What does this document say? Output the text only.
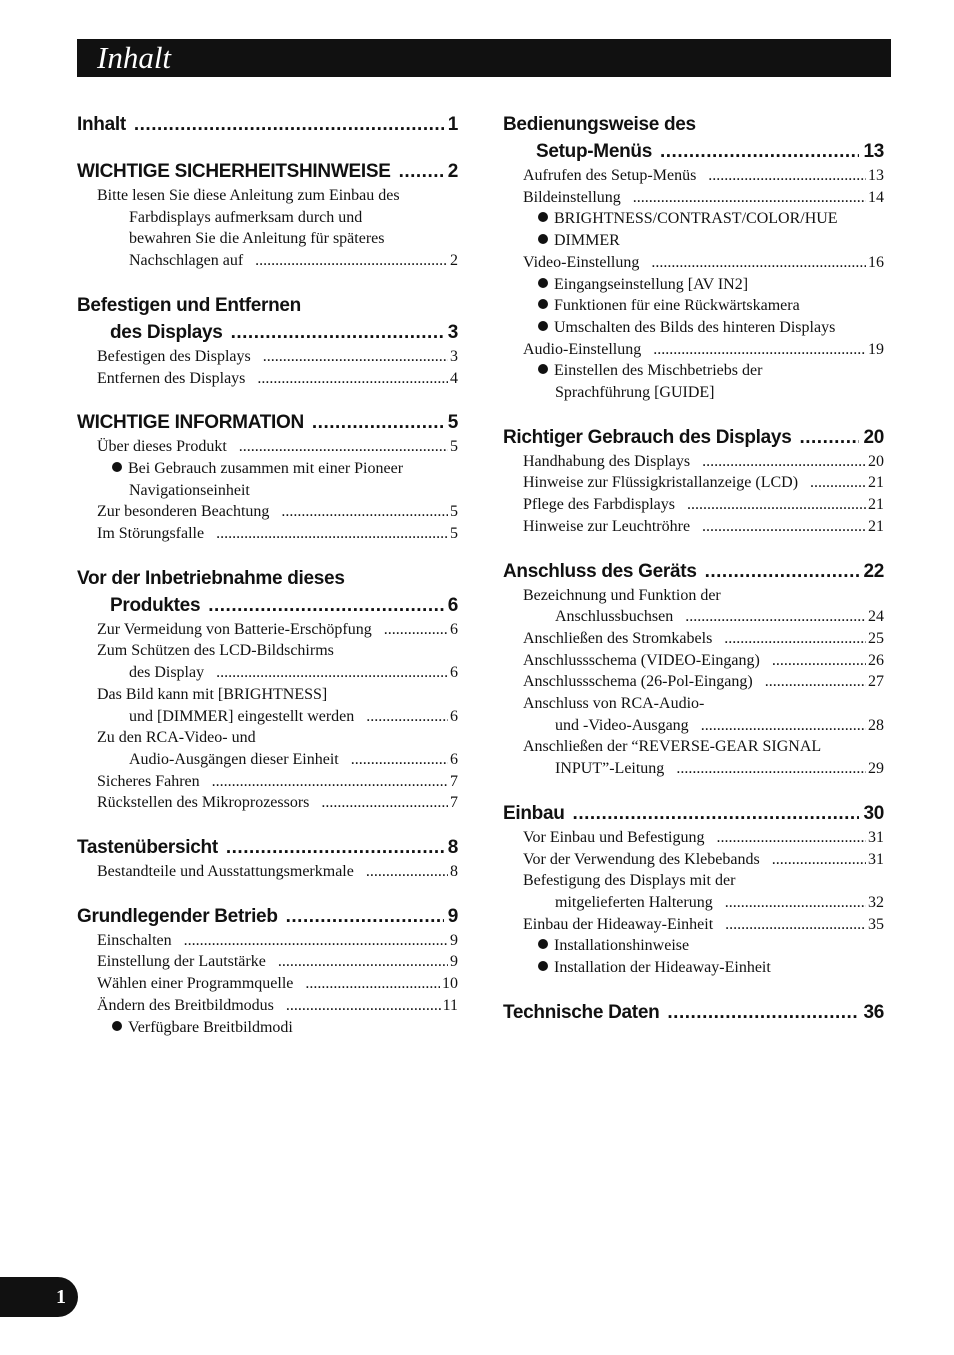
Inhalt
Inhalt .....	1
WICHTIGE SICHERHEITSHINWEISE .....	2
Bitte lesen Sie diese Anleitung zum Einbau des
Farbdisplays aufmerksam durch und
bewahren Sie die Anleitung für späteres
Nachschlagen auf .....	2
Befestigen und Entfernen
des Displays .....	3
Befestigen des Displays .....	3
Entfernen des Displays .....	4
WICHTIGE INFORMATION .....	5
Über dieses Produkt .....	5
Bei Gebrauch zusammen mit einer Pioneer
Navigationseinheit
Zur besonderen Beachtung .....	5
Im Störungsfalle .....	5
Vor der Inbetriebnahme dieses
Produktes .....	6
Zur Vermeidung von Batterie-Erschöpfung .....	6
Zum Schützen des LCD-Bildschirms
des Display .....	6
Das Bild kann mit [BRIGHTNESS]
und [DIMMER] eingestellt werden .....	6
Zu den RCA-Video- und
Audio-Ausgängen dieser Einheit .....	6
Sicheres Fahren .....	7
Rückstellen des Mikroprozessors .....	7
Tastenübersicht .....	8
Bestandteile und Ausstattungsmerkmale .....	8
Grundlegender Betrieb .....	9
Einschalten .....	9
Einstellung der Lautstärke .....	9
Wählen einer Programmquelle .....	10
Ändern des Breitbildmodus .....	11
Verfügbare Breitbildmodi
Bedienungsweise des
Setup-Menüs .....	13
Aufrufen des Setup-Menüs .....	13
Bildeinstellung .....	14
BRIGHTNESS/CONTRAST/COLOR/HUE
DIMMER
Video-Einstellung .....	16
Eingangseinstellung [AV IN2]
Funktionen für eine Rückwärtskamera
Umschalten des Bilds des hinteren Displays
Audio-Einstellung .....	19
Einstellen des Mischbetriebs der
Sprachführung [GUIDE]
Richtiger Gebrauch des Displays .....	20
Handhabung des Displays .....	20
Hinweise zur Flüssigkristallanzeige (LCD) .....	21
Pflege des Farbdisplays .....	21
Hinweise zur Leuchtröhre .....	21
Anschluss des Geräts .....	22
Bezeichnung und Funktion der
Anschlussbuchsen .....	24
Anschließen des Stromkabels .....	25
Anschlussschema (VIDEO-Eingang) .....	26
Anschlussschema (26-Pol-Eingang) .....	27
Anschluss von RCA-Audio-
und -Video-Ausgang .....	28
Anschließen der “REVERSE-GEAR SIGNAL
INPUT”-Leitung .....	29
Einbau .....	30
Vor Einbau und Befestigung .....	31
Vor der Verwendung des Klebebands .....	31
Befestigung des Displays mit der
mitgelieferten Halterung .....	32
Einbau der Hideaway-Einheit .....	35
Installationshinweise
Installation der Hideaway-Einheit
Technische Daten .....	36
1
